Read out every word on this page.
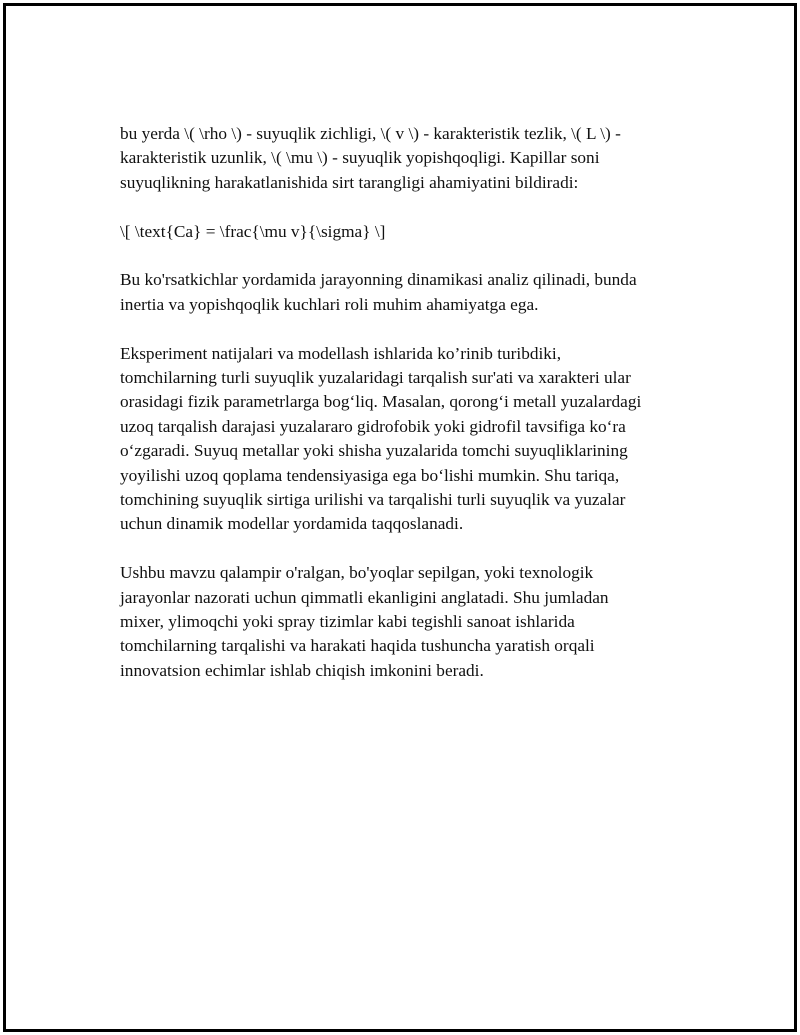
bu yerda \( \rho \) - suyuqlik zichligi, \( v \) - karakteristik tezlik, \( L \) -
karakteristik uzunlik, \( \mu \) - suyuqlik yopishqoqligi. Kapillar soni
suyuqlikning harakatlanishida sirt tarangligi ahamiyatini bildiradi:

\[ \text{Ca} = \frac{\mu v}{\sigma} \]

Bu ko'rsatkichlar yordamida jarayonning dinamikasi analiz qilinadi, bunda
inertia va yopishqoqlik kuchlari roli muhim ahamiyatga ega.

Eksperiment natijalari va modellash ishlarida ko’rinib turibdiki,
tomchilarning turli suyuqlik yuzalaridagi tarqalish sur'ati va xarakteri ular
orasidagi fizik parametrlarga bog‘liq. Masalan, qorong‘i metall yuzalardagi
uzoq tarqalish darajasi yuzalararo gidrofobik yoki gidrofil tavsifiga ko‘ra
o‘zgaradi. Suyuq metallar yoki shisha yuzalarida tomchi suyuqliklarining
yoyilishi uzoq qoplama tendensiyasiga ega bo‘lishi mumkin. Shu tariqa,
tomchining suyuqlik sirtiga urilishi va tarqalishi turli suyuqlik va yuzalar
uchun dinamik modellar yordamida taqqoslanadi.

Ushbu mavzu qalampir o'ralgan, bo'yoqlar sepilgan, yoki texnologik
jarayonlar nazorati uchun qimmatli ekanligini anglatadi. Shu jumladan
mixer, ylimoqchi yoki spray tizimlar kabi tegishli sanoat ishlarida
tomchilarning tarqalishi va harakati haqida tushuncha yaratish orqali
innovatsion echimlar ishlab chiqish imkonini beradi.
